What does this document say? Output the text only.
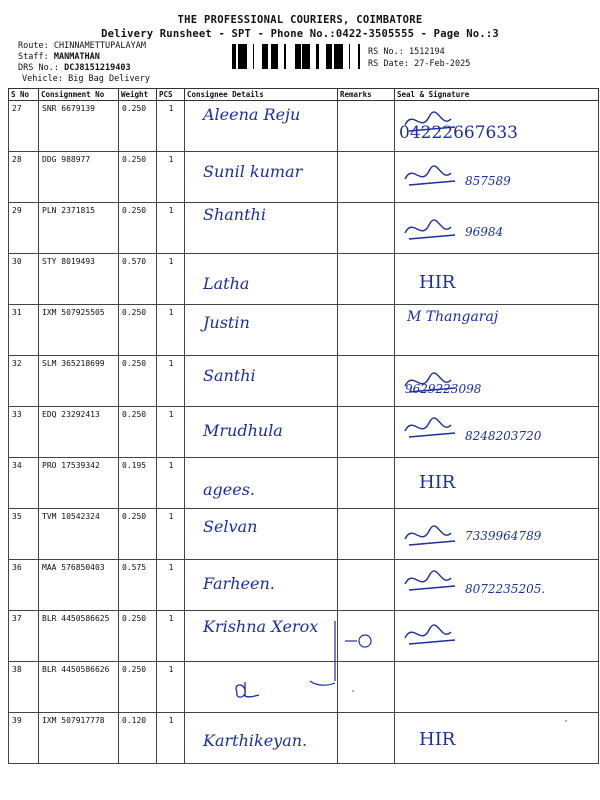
THE PROFESSIONAL COURIERS, COIMBATORE
Delivery Runsheet - SPT - Phone No.:0422-3505555 - Page No.:3
Route: CHINNAMETTUPALAYAM
Staff: MANMATHAN
DRS No.: DCJ8151219403
Vehicle: Big Bag Delivery
RS No.: 1512194
RS Date: 27-Feb-2025
S No	Consignment No	Weight	PCS	Consignee Details	Remarks	Seal & Signature
27	SNR 6679139	0.250	1	Aleena Reju		04222667633

28	DDG 988977	0.250	1	Sunil kumar		857589

29	PLN 2371815	0.250	1	Shanthi		96984

30	STY 8019493	0.570	1	Latha		HIR

31	IXM 507925505	0.250	1	Justin		M Thangaraj

32	SLM 365218699	0.250	1	Santhi		9629223098

33	EDQ 23292413	0.250	1	Mrudhula		8248203720

34	PRO 17539342	0.195	1	agees.		HIR

35	TVM 10542324	0.250	1	Selvan		7339964789

36	MAA 576850403	0.575	1	Farheen.		8072235205.

37	BLR 4450586625	0.250	1	Krishna Xerox

38	BLR 4450586626	0.250	1	

39	IXM 507917778	0.120	1	Karthikeyan.		HIR
